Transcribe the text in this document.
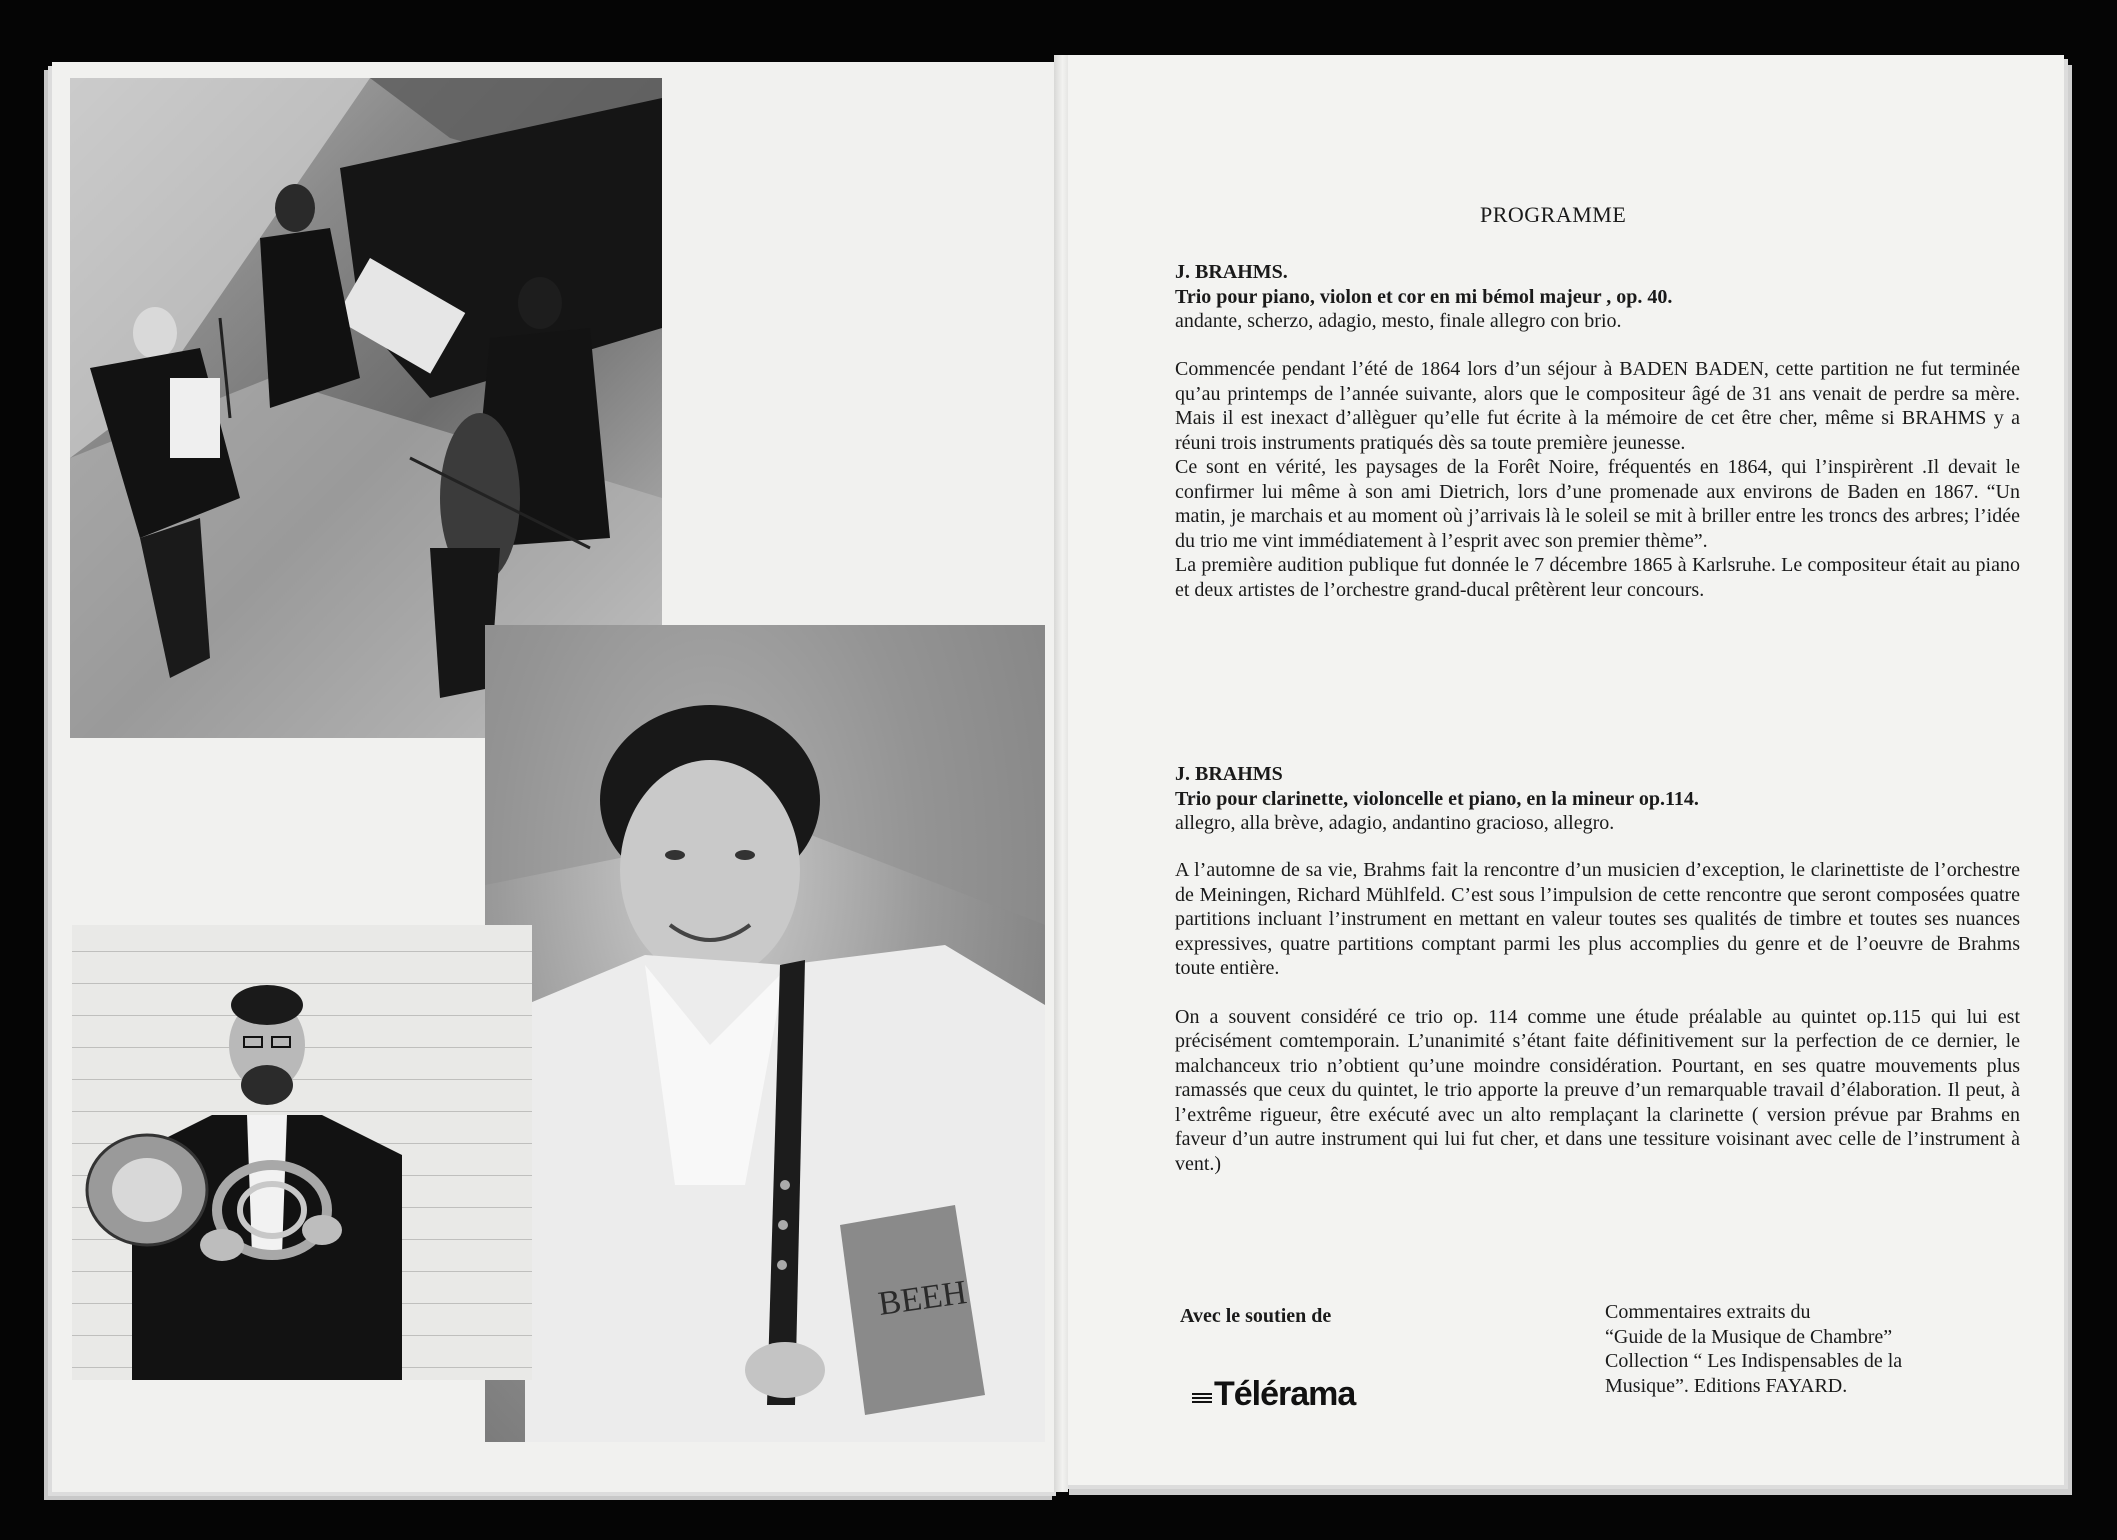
BEEH
PROGRAMME
J. BRAHMS.
Trio pour piano, violon et cor en mi bémol majeur , op. 40.
andante, scherzo, adagio, mesto, finale allegro con brio.

Commencée pendant l’été de 1864 lors d’un séjour à BADEN BADEN, cette partition ne fut terminée qu’au printemps de l’année suivante, alors que le compositeur âgé de 31 ans venait de perdre sa mère. Mais il est inexact d’allèguer qu’elle fut écrite à la mémoire de cet être cher, même si BRAHMS y a réuni trois instruments pratiqués dès sa toute première jeunesse.

Ce sont en vérité, les paysages de la Forêt Noire, fréquentés en 1864, qui l’inspirèrent .Il devait le confirmer lui même à son ami Dietrich, lors d’une promenade aux environs de Baden en 1867. “Un matin, je marchais et au moment où j’arrivais là le soleil se mit à briller entre les troncs des arbres; l’idée du trio me vint immédiatement à l’esprit avec son premier thème”.

La première audition publique fut donnée le 7 décembre 1865 à Karlsruhe. Le compositeur était au piano et deux artistes de l’orchestre grand-ducal prêtèrent leur concours.

J. BRAHMS
Trio pour clarinette, violoncelle et piano, en la mineur op.114.
allegro, alla brève, adagio, andantino gracioso, allegro.

A l’automne de sa vie, Brahms fait la rencontre d’un musicien d’exception, le clarinettiste de l’orchestre de Meiningen, Richard Mühlfeld. C’est sous l’impulsion de cette rencontre que seront composées quatre partitions incluant l’instrument en mettant en valeur toutes ses qualités de timbre et toutes ses nuances expressives, quatre partitions comptant parmi les plus accomplies du genre et de l’oeuvre de Brahms toute entière.

On a souvent considéré ce trio op. 114 comme une étude préalable au quintet op.115 qui lui est précisément comtemporain. L’unanimité s’étant faite définitivement sur la perfection de ce dernier, le malchanceux trio n’obtient qu’une moindre considération. Pourtant, en ses quatre mouvements plus ramassés que ceux du quintet, le trio apporte la preuve d’un remarquable travail d’élaboration. Il peut, à l’extrême rigueur, être exécuté avec un alto remplaçant la clarinette ( version prévue par Brahms en faveur d’un autre instrument qui lui fut cher, et dans une tessiture voisinant avec celle de l’instrument à vent.)

Avec le soutien de
Télérama
Commentaires extraits du
“Guide de la Musique de Chambre”
Collection “ Les Indispensables de la
Musique”. Editions FAYARD.
